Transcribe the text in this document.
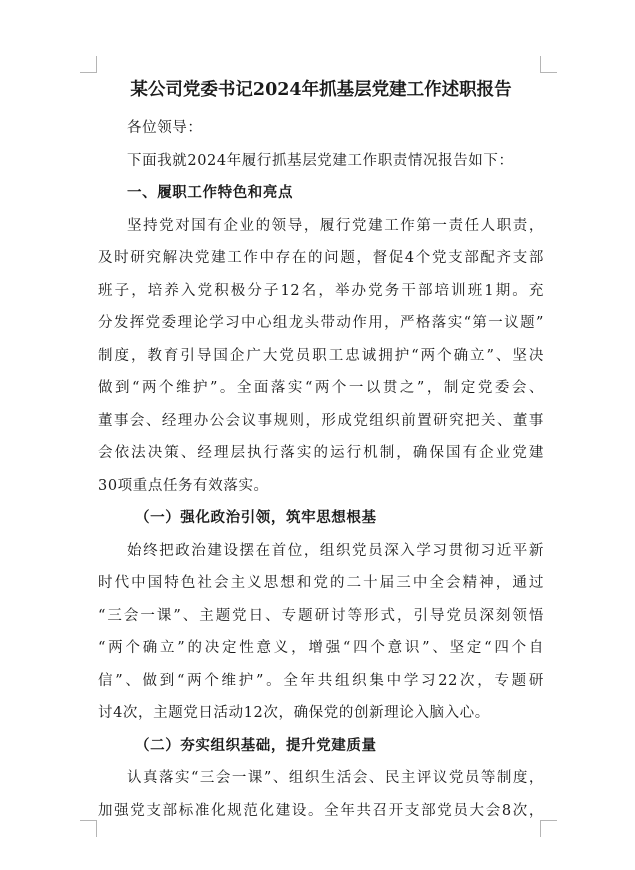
某公司党委书记2024年抓基层党建工作述职报告
各位领导：
下面我就2024年履行抓基层党建工作职责情况报告如下：
一、履职工作特色和亮点
坚持党对国有企业的领导，履行党建工作第一责任人职责，
及时研究解决党建工作中存在的问题，督促4个党支部配齐支部
班子，培养入党积极分子12名，举办党务干部培训班1期。充
分发挥党委理论学习中心组龙头带动作用，严格落实“第一议题”
制度，教育引导国企广大党员职工忠诚拥护“两个确立”、坚决
做到“两个维护”。全面落实“两个一以贯之”，制定党委会、
董事会、经理办公会议事规则，形成党组织前置研究把关、董事
会依法决策、经理层执行落实的运行机制，确保国有企业党建
30项重点任务有效落实。
（一）强化政治引领，筑牢思想根基
始终把政治建设摆在首位，组织党员深入学习贯彻习近平新
时代中国特色社会主义思想和党的二十届三中全会精神，通过
“三会一课”、主题党日、专题研讨等形式，引导党员深刻领悟
“两个确立”的决定性意义，增强“四个意识”、坚定“四个自
信”、做到“两个维护”。全年共组织集中学习22次，专题研
讨4次，主题党日活动12次，确保党的创新理论入脑入心。
（二）夯实组织基础，提升党建质量
认真落实“三会一课”、组织生活会、民主评议党员等制度，
加强党支部标准化规范化建设。全年共召开支部党员大会8次，
